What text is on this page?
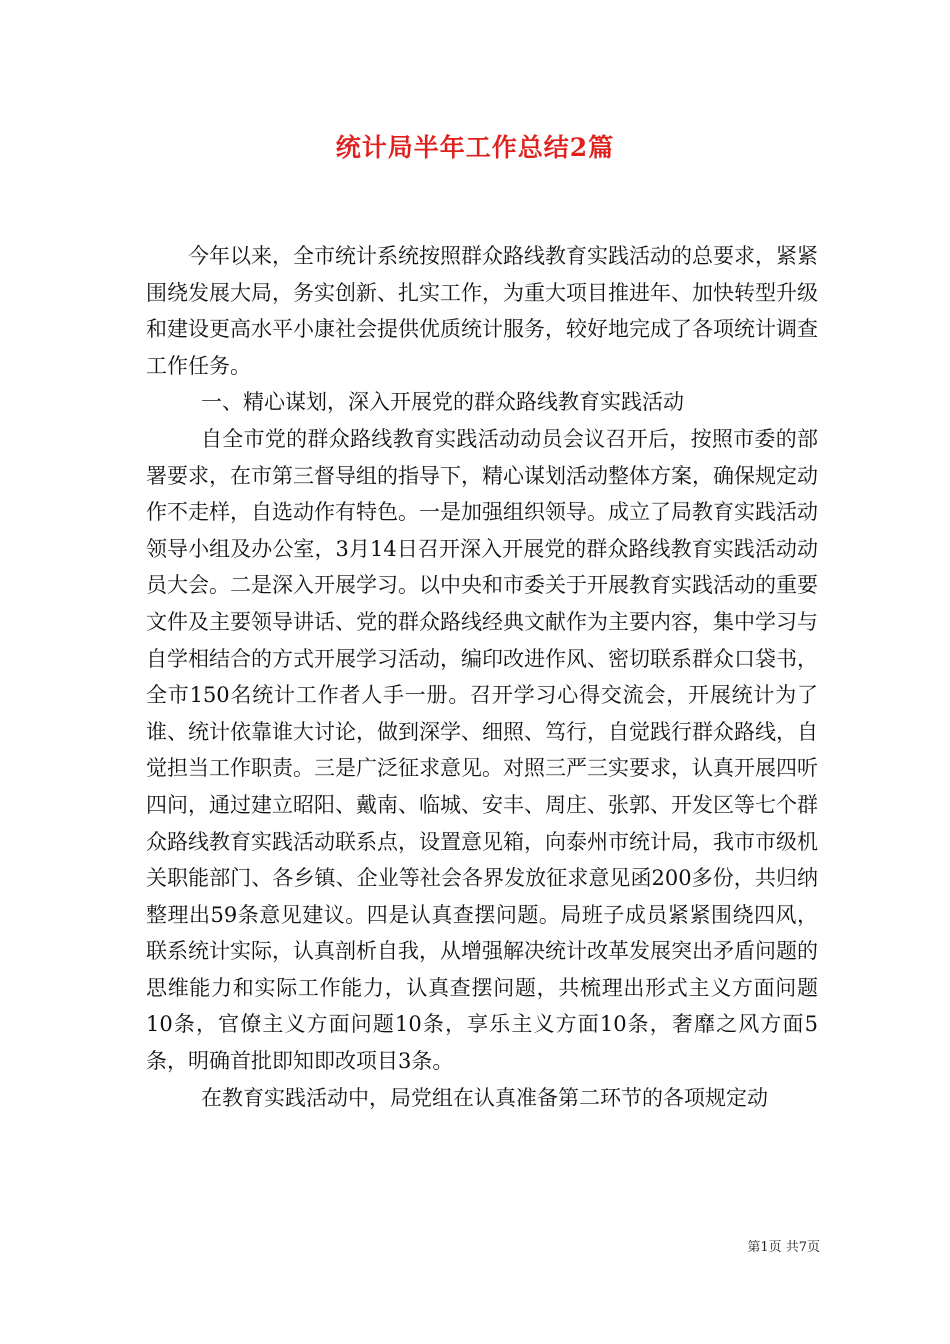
统计局半年工作总结2篇

今年以来，全市统计系统按照群众路线教育实践活动的总要求，紧紧围绕发展大局，务实创新、扎实工作，为重大项目推进年、加快转型升级和建设更高水平小康社会提供优质统计服务，较好地完成了各项统计调查工作任务。

一、精心谋划，深入开展党的群众路线教育实践活动

自全市党的群众路线教育实践活动动员会议召开后，按照市委的部署要求，在市第三督导组的指导下，精心谋划活动整体方案，确保规定动作不走样，自选动作有特色。一是加强组织领导。成立了局教育实践活动领导小组及办公室，3月14日召开深入开展党的群众路线教育实践活动动员大会。二是深入开展学习。以中央和市委关于开展教育实践活动的重要文件及主要领导讲话、党的群众路线经典文献作为主要内容，集中学习与自学相结合的方式开展学习活动，编印改进作风、密切联系群众口袋书，全市150名统计工作者人手一册。召开学习心得交流会，开展统计为了谁、统计依靠谁大讨论，做到深学、细照、笃行，自觉践行群众路线，自觉担当工作职责。三是广泛征求意见。对照三严三实要求，认真开展四听四问，通过建立昭阳、戴南、临城、安丰、周庄、张郭、开发区等七个群众路线教育实践活动联系点，设置意见箱，向泰州市统计局，我市市级机关职能部门、各乡镇、企业等社会各界发放征求意见函200多份，共归纳整理出59条意见建议。四是认真查摆问题。局班子成员紧紧围绕四风，联系统计实际，认真剖析自我，从增强解决统计改革发展突出矛盾问题的思维能力和实际工作能力，认真查摆问题，共梳理出形式主义方面问题10条，官僚主义方面问题10条，享乐主义方面10条，奢靡之风方面5条，明确首批即知即改项目3条。

在教育实践活动中，局党组在认真准备第二环节的各项规定动

第1页 共7页
